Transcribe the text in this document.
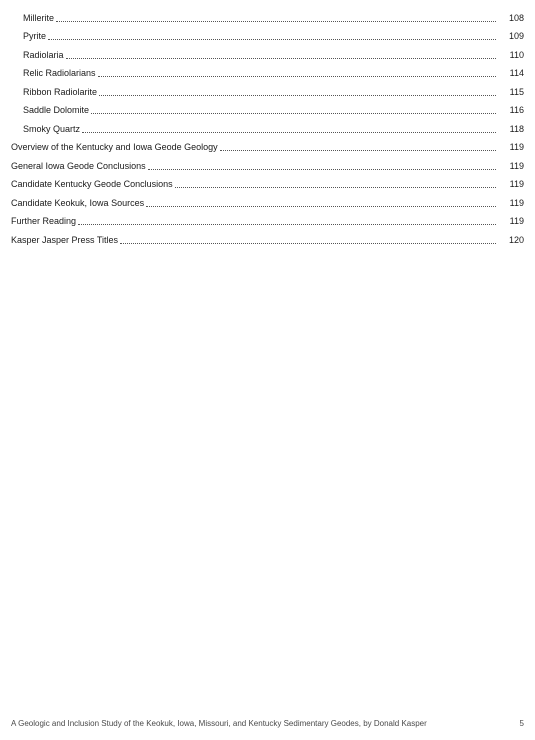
Millerite	108
Pyrite	109
Radiolaria	110
Relic Radiolarians	114
Ribbon Radiolarite	115
Saddle Dolomite	116
Smoky Quartz	118
Overview of the Kentucky and Iowa Geode Geology	119
General Iowa Geode Conclusions	119
Candidate Kentucky Geode Conclusions	119
Candidate Keokuk, Iowa Sources	119
Further Reading	119
Kasper Jasper Press Titles	120
A Geologic and Inclusion Study of the Keokuk, Iowa, Missouri, and Kentucky Sedimentary Geodes, by Donald Kasper	5
